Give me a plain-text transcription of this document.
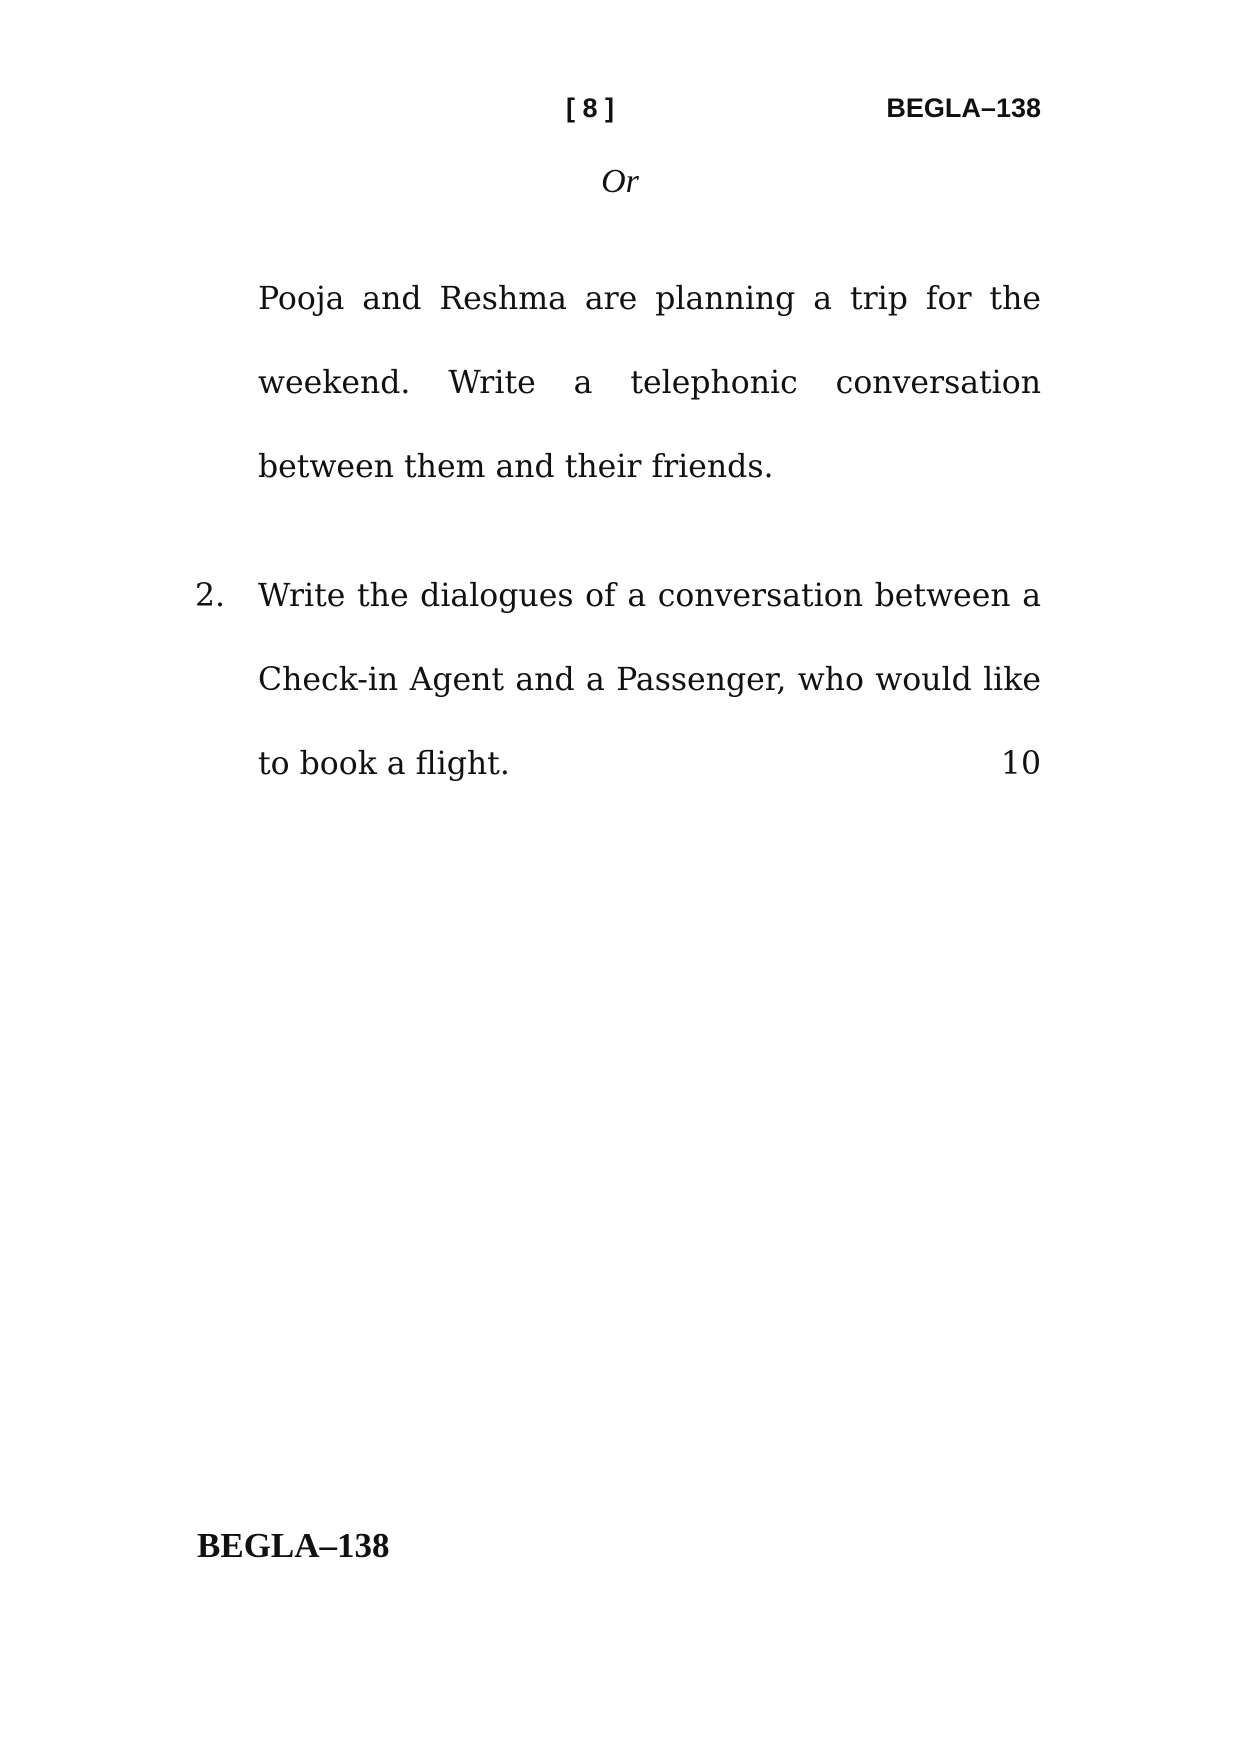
[ 8 ]	BEGLA–138
Or
Pooja and Reshma are planning a trip for the weekend. Write a telephonic conversation between them and their friends.
2. Write the dialogues of a conversation between a Check-in Agent and a Passenger, who would like to book a flight.	10
BEGLA–138
